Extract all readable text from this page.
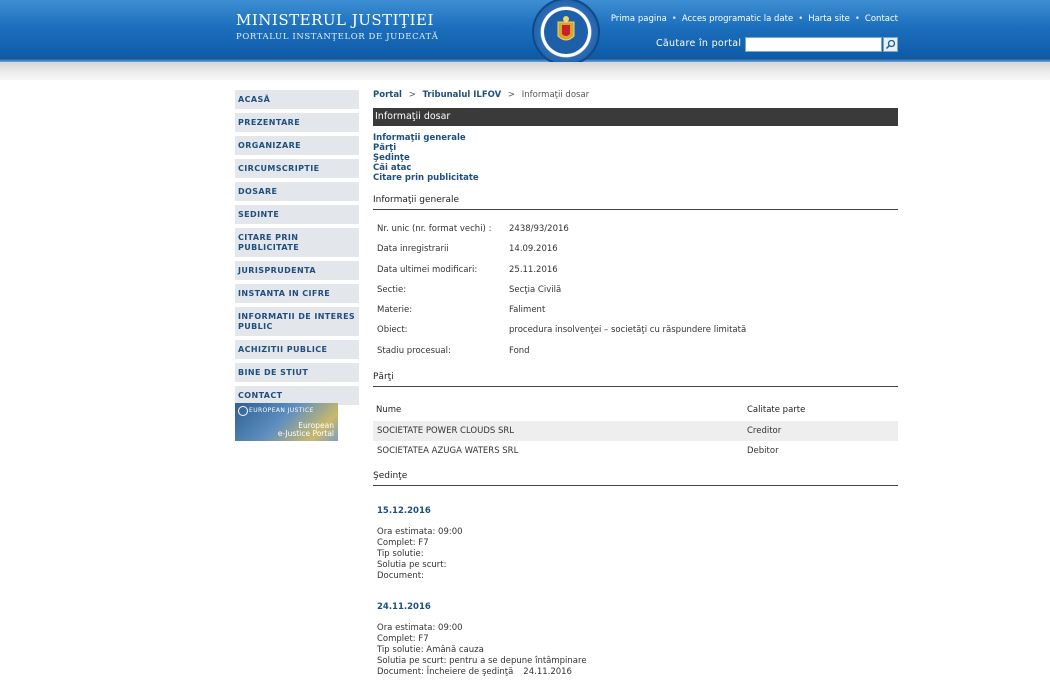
MINISTERUL JUSTIŢIEI
PORTALUL INSTANŢELOR DE JUDECATĂ
Prima pagina • Acces programatic la date • Harta site • Contact
Căutare în portal
ACASĂ
PREZENTARE
ORGANIZARE
CIRCUMSCRIPTIE
DOSARE
SEDINTE
CITARE PRIN PUBLICITATE
JURISPRUDENTA
INSTANTA IN CIFRE
INFORMATII DE INTERES PUBLIC
ACHIZITII PUBLICE
BINE DE STIUT
CONTACT
EUROPEAN JUSTICE
European
e-Justice Portal
Portal > Tribunalul ILFOV > Informaţii dosar
Informaţii dosar
Informaţii generale
Părţi
Şedinţe
Căi atac
Citare prin publicitate
Informaţii generale
Nr. unic (nr. format vechi) :	2438/93/2016
Data inregistrarii	14.09.2016
Data ultimei modificari:	25.11.2016
Sectie:	Secţia Civilă
Materie:	Faliment
Obiect:	procedura insolvenţei – societăţi cu răspundere limitată
Stadiu procesual:	Fond
Părţi
Nume	Calitate parte
SOCIETATE POWER CLOUDS SRL	Creditor
SOCIETATEA AZUGA WATERS SRL	Debitor
Şedinţe
15.12.2016
Ora estimata: 09:00
Complet: F7
Tip solutie:
Solutia pe scurt:
Document:
24.11.2016
Ora estimata: 09:00
Complet: F7
Tip solutie: Amână cauza
Solutia pe scurt: pentru a se depune întâmpinare
Document: Încheiere de şedinţă 24.11.2016
